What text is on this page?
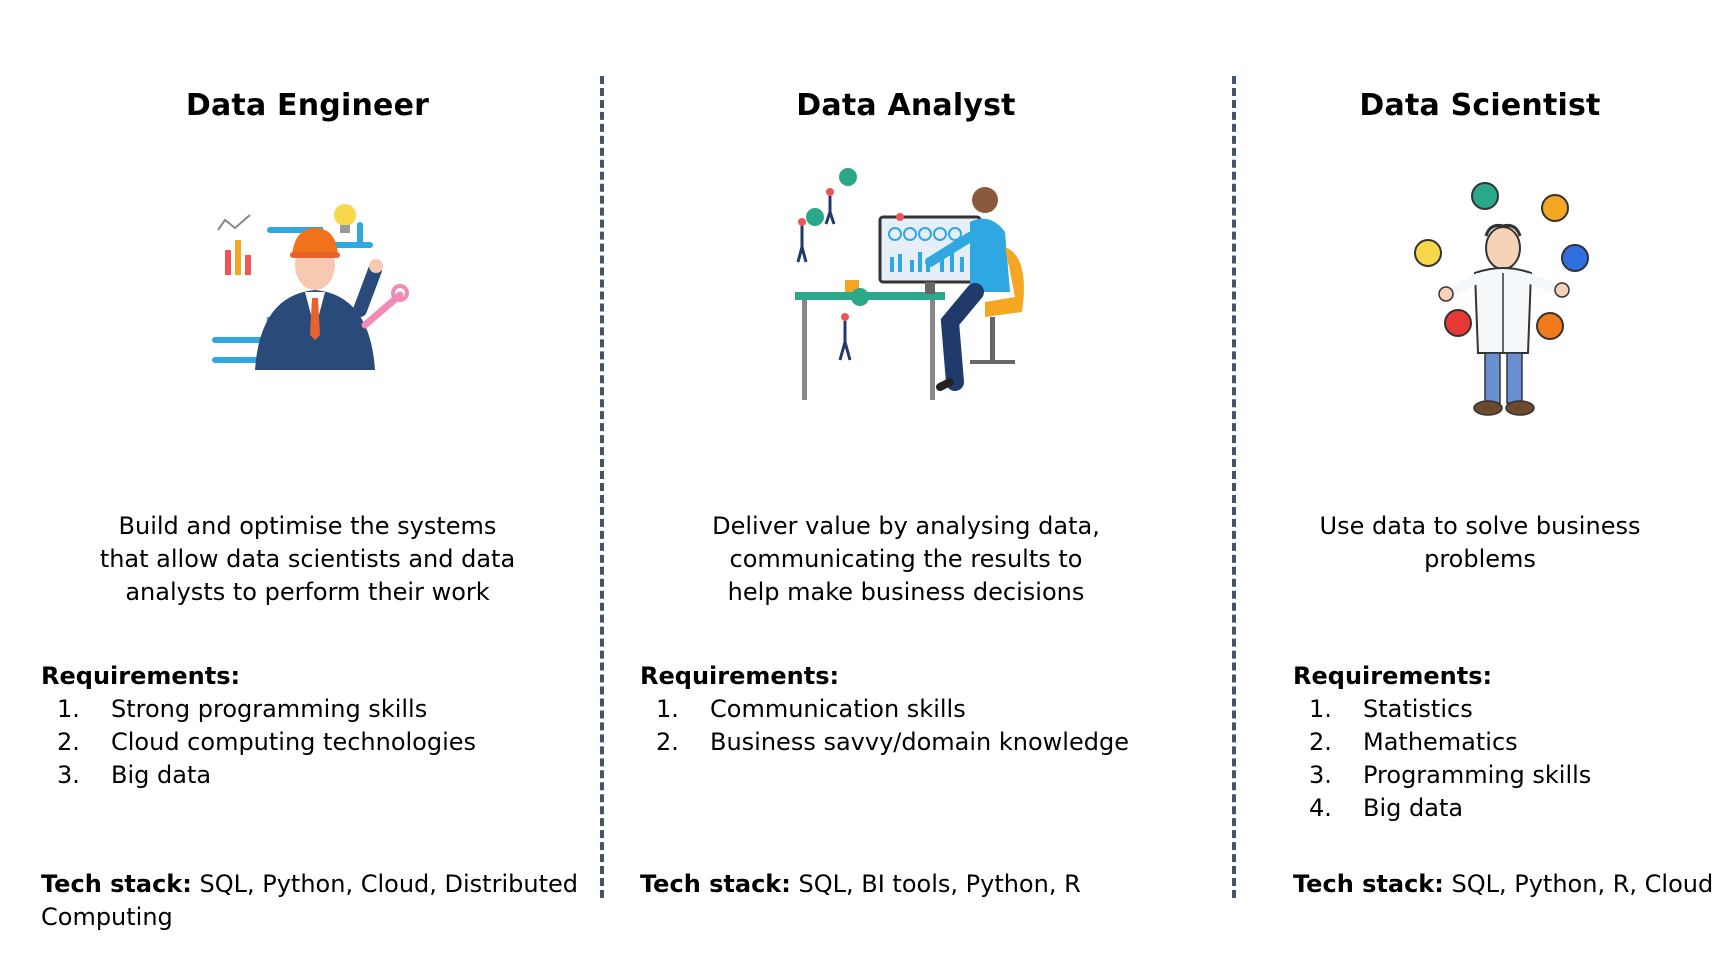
Data Engineer
Build and optimise the systems
that allow data scientists and data
analysts to perform their work
Requirements:
1.	Strong programming skills
2.	Cloud computing technologies
3.	Big data
Tech stack: SQL, Python, Cloud, Distributed Computing
Data Analyst
Deliver value by analysing data,
communicating the results to
help make business decisions
Requirements:
1.	Communication skills
2.	Business savvy/domain knowledge
Tech stack: SQL, BI tools, Python, R
Data Scientist
Use data to solve business
problems
Requirements:
1.	Statistics
2.	Mathematics
3.	Programming skills
4.	Big data
Tech stack: SQL, Python, R, Cloud
